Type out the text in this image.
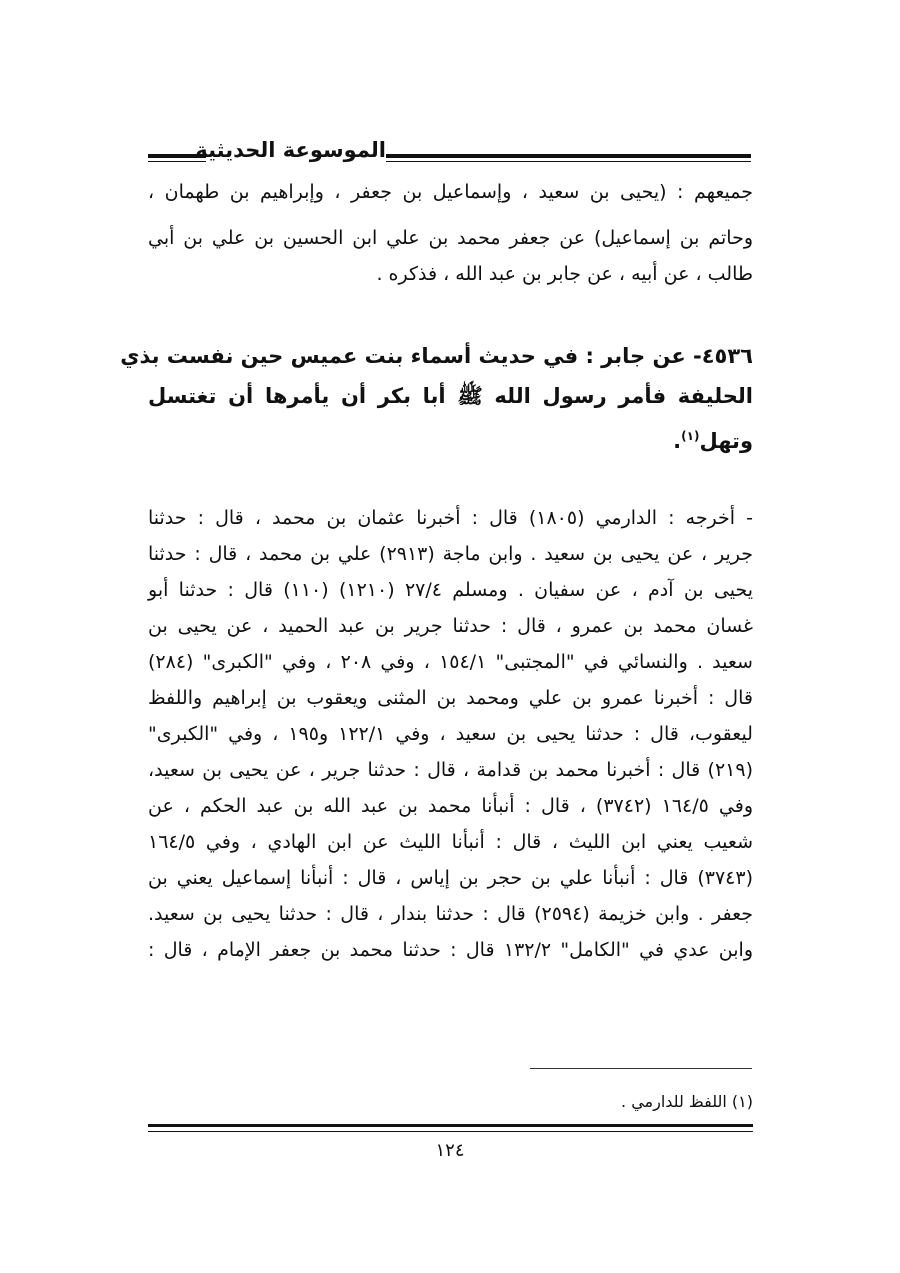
الموسوعة الحديثية
جميعهم : (يحيى بن سعيد ، وإسماعيل بن جعفر ، وإبراهيم بن طهمان ،
وحاتم بن إسماعيل) عن جعفر محمد بن علي ابن الحسين بن علي بن أبي
طالب ، عن أبيه ، عن جابر بن عبد الله ، فذكره .
٤٥٣٦- عن جابر : في حديث أسماء بنت عميس حين نفست بذي
الحليفة فأمر رسول الله ﷺ أبا بكر أن يأمرها أن تغتسل
وتهل$^{(١)}$.
- أخرجه : الدارمي (١٨٠٥) قال : أخبرنا عثمان بن محمد ، قال : حدثنا
جرير ، عن يحيى بن سعيد . وابن ماجة (٢٩١٣) علي بن محمد ، قال : حدثنا
يحيى بن آدم ، عن سفيان . ومسلم ٢٧/٤ (١٢١٠) (١١٠) قال : حدثنا أبو
غسان محمد بن عمرو ، قال : حدثنا جرير بن عبد الحميد ، عن يحيى بن
سعيد . والنسائي في "المجتبى" ١٥٤/١ ، وفي ٢٠٨ ، وفي "الكبرى" (٢٨٤)
قال : أخبرنا عمرو بن علي ومحمد بن المثنى ويعقوب بن إبراهيم واللفظ
ليعقوب، قال : حدثنا يحيى بن سعيد ، وفي ١٢٢/١ و١٩٥ ، وفي "الكبرى"
(٢١٩) قال : أخبرنا محمد بن قدامة ، قال : حدثنا جرير ، عن يحيى بن سعيد،
وفي ١٦٤/٥ (٣٧٤٢) ، قال : أنبأنا محمد بن عبد الله بن عبد الحكم ، عن
شعيب يعني ابن الليث ، قال : أنبأنا الليث عن ابن الهادي ، وفي ١٦٤/٥
(٣٧٤٣) قال : أنبأنا علي بن حجر بن إياس ، قال : أنبأنا إسماعيل يعني بن
جعفر . وابن خزيمة (٢٥٩٤) قال : حدثنا بندار ، قال : حدثنا يحيى بن سعيد.
وابن عدي في "الكامل" ١٣٢/٢ قال : حدثنا محمد بن جعفر الإمام ، قال :
(١) اللفظ للدارمي .
١٢٤
